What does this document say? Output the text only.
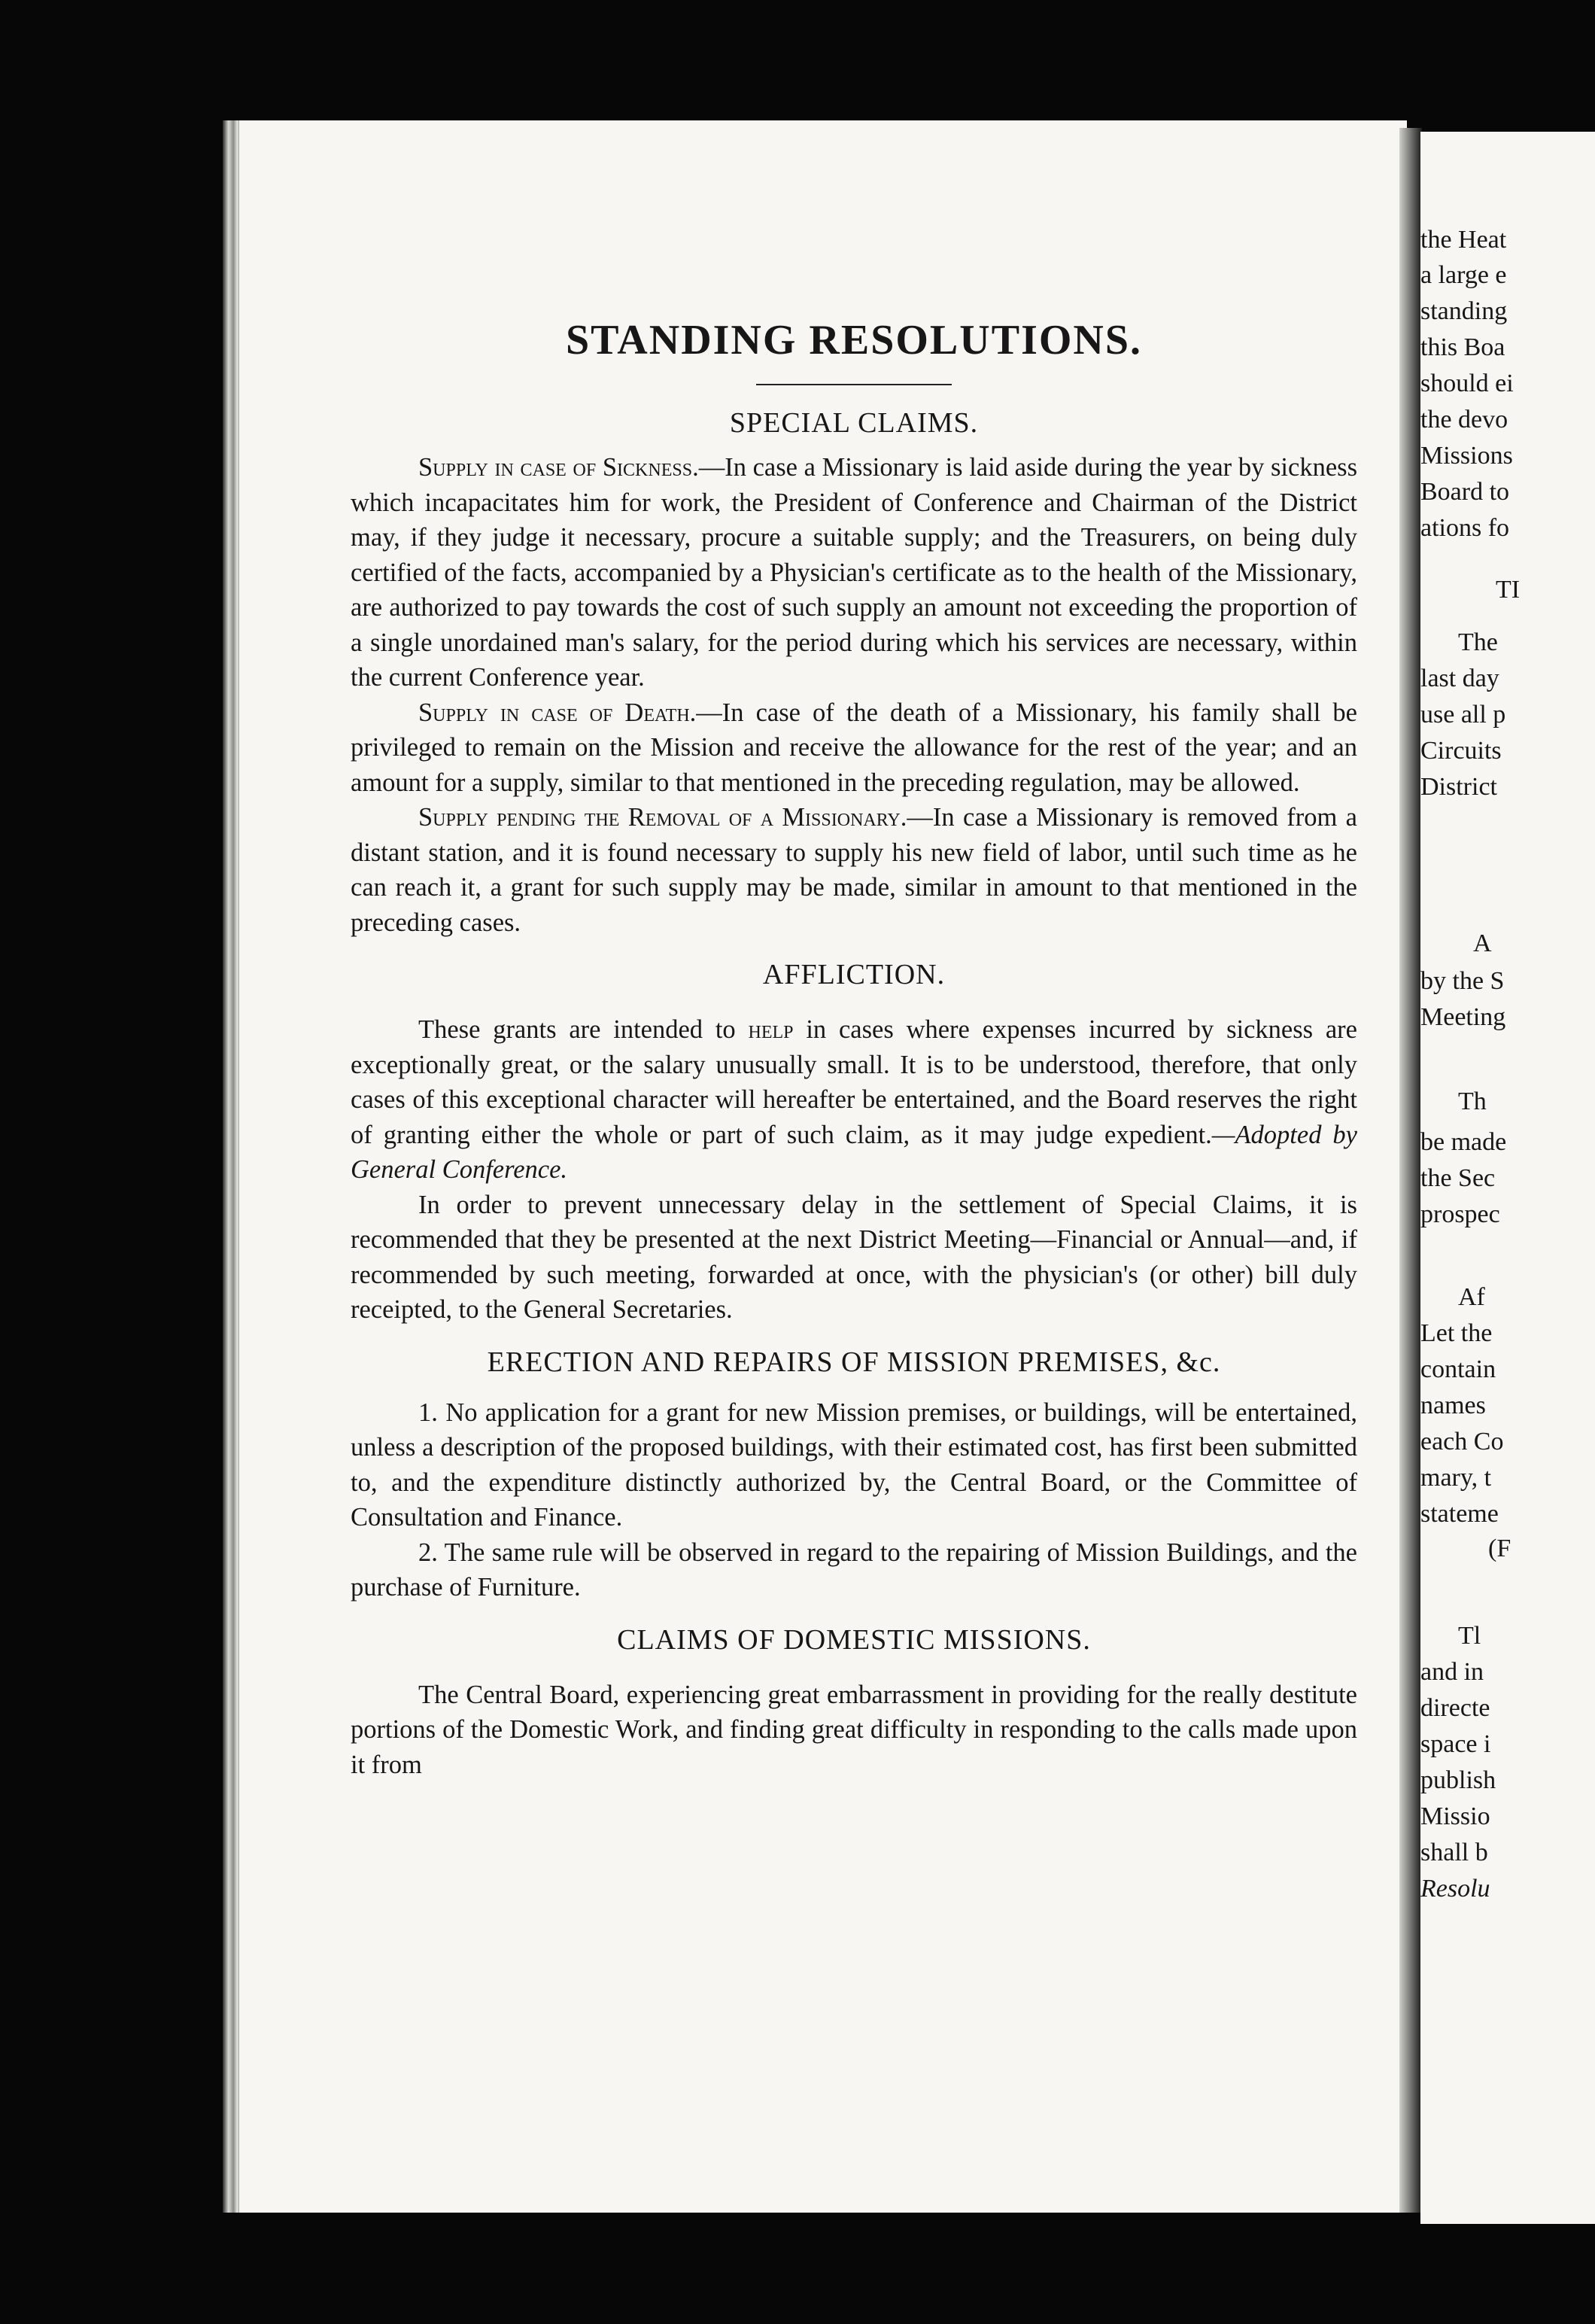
the Heat
a large e
standing
this Boa
should ei
the devo
Missions
Board to
ations fo
TI
The
last day
use all p
Circuits
District
A
by the S
Meeting
Th
be made
the Sec
prospec
Af
Let the
contain
names
each Co
mary, t
stateme
(F
Tl
and in
directe
space i
publish
Missio
shall b
Resolu
STANDING RESOLUTIONS.
SPECIAL CLAIMS.

Supply in case of Sickness.—In case a Missionary is laid aside during the year by sickness which incapacitates him for work, the President of Conference and Chairman of the District may, if they judge it necessary, procure a suitable supply; and the Treasurers, on being duly certified of the facts, accompanied by a Physician's certificate as to the health of the Missionary, are authorized to pay towards the cost of such supply an amount not exceeding the proportion of a single unordained man's salary, for the period during which his services are necessary, within the current Conference year.

Supply in case of Death.—In case of the death of a Missionary, his family shall be privileged to remain on the Mission and receive the allowance for the rest of the year; and an amount for a supply, similar to that mentioned in the preceding regulation, may be allowed.

Supply pending the Removal of a Missionary.—In case a Missionary is removed from a distant station, and it is found necessary to supply his new field of labor, until such time as he can reach it, a grant for such supply may be made, similar in amount to that mentioned in the preceding cases.

AFFLICTION.

These grants are intended to help in cases where expenses incurred by sickness are exceptionally great, or the salary unusually small. It is to be understood, therefore, that only cases of this exceptional character will hereafter be entertained, and the Board reserves the right of granting either the whole or part of such claim, as it may judge expedient.—Adopted by General Conference.

In order to prevent unnecessary delay in the settlement of Special Claims, it is recommended that they be presented at the next District Meeting—Financial or Annual—and, if recommended by such meeting, forwarded at once, with the physician's (or other) bill duly receipted, to the General Secretaries.

ERECTION AND REPAIRS OF MISSION PREMISES, &c.

1. No application for a grant for new Mission premises, or buildings, will be entertained, unless a description of the proposed buildings, with their estimated cost, has first been submitted to, and the expenditure distinctly authorized by, the Central Board, or the Committee of Consultation and Finance.

2. The same rule will be observed in regard to the repairing of Mission Buildings, and the purchase of Furniture.

CLAIMS OF DOMESTIC MISSIONS.

The Central Board, experiencing great embarrassment in providing for the really destitute portions of the Domestic Work, and finding great difficulty in responding to the calls made upon it from
